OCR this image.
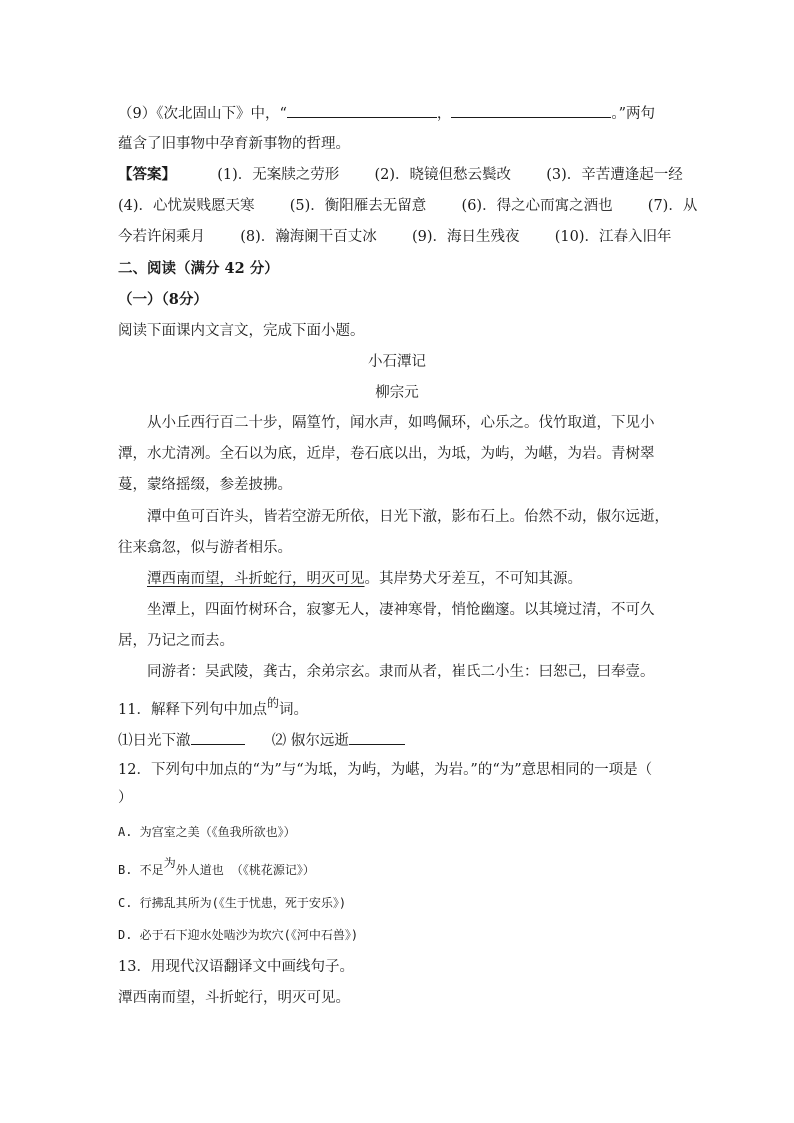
（9）《次北固山下》中，“	，	。”两句
蕴含了旧事物中孕育新事物的哲理。
【答案】	(1)．无案牍之劳形 (2)．晓镜但愁云鬓改 (3)．辛苦遭逢起一经
(4)．心忧炭贱愿天寒 (5)．衡阳雁去无留意 (6)．得之心而寓之酒也 (7)．从
今若许闲乘月 (8)．瀚海阑干百丈冰 (9)．海日生残夜 (10)．江春入旧年
二、阅读（满分 42 分）
（一）（8分）
阅读下面课内文言文，完成下面小题。
小石潭记
柳宗元
从小丘西行百二十步，隔篁竹，闻水声，如鸣佩环，心乐之。伐竹取道，下见小潭，水尤清冽。全石以为底，近岸，卷石底以出，为坻，为屿，为嵁，为岩。青树翠蔓，蒙络摇缀，参差披拂。
潭中鱼可百许头，皆若空游无所依，日光下澈，影布石上。佁然不动，俶尔远逝，往来翕忽，似与游者相乐。
潭西南而望，斗折蛇行，明灭可见。其岸势犬牙差互，不可知其源。
坐潭上，四面竹树环合，寂寥无人，凄神寒骨，悄怆幽邃。以其境过清，不可久居，乃记之而去。
同游者：吴武陵，龚古，余弟宗玄。隶而从者，崔氏二小生：曰恕己，曰奉壹。
11．解释下列句中加点$^的$词。
⑴日光下澈	⑵ 俶尔远逝
12．下列句中加点的“为”与“为坻，为屿，为嵁，为岩。”的“为”意思相同的一项是（
）
A. 为宫室之美（《鱼我所欲也》）
B. 不足$^为$外人道也 （《桃花源记》）
C. 行拂乱其所为(《生于忧患，死于安乐》)
D. 必于石下迎水处啮沙为坎穴(《河中石兽》)
13．用现代汉语翻译文中画线句子。
潭西南而望，斗折蛇行，明灭可见。
